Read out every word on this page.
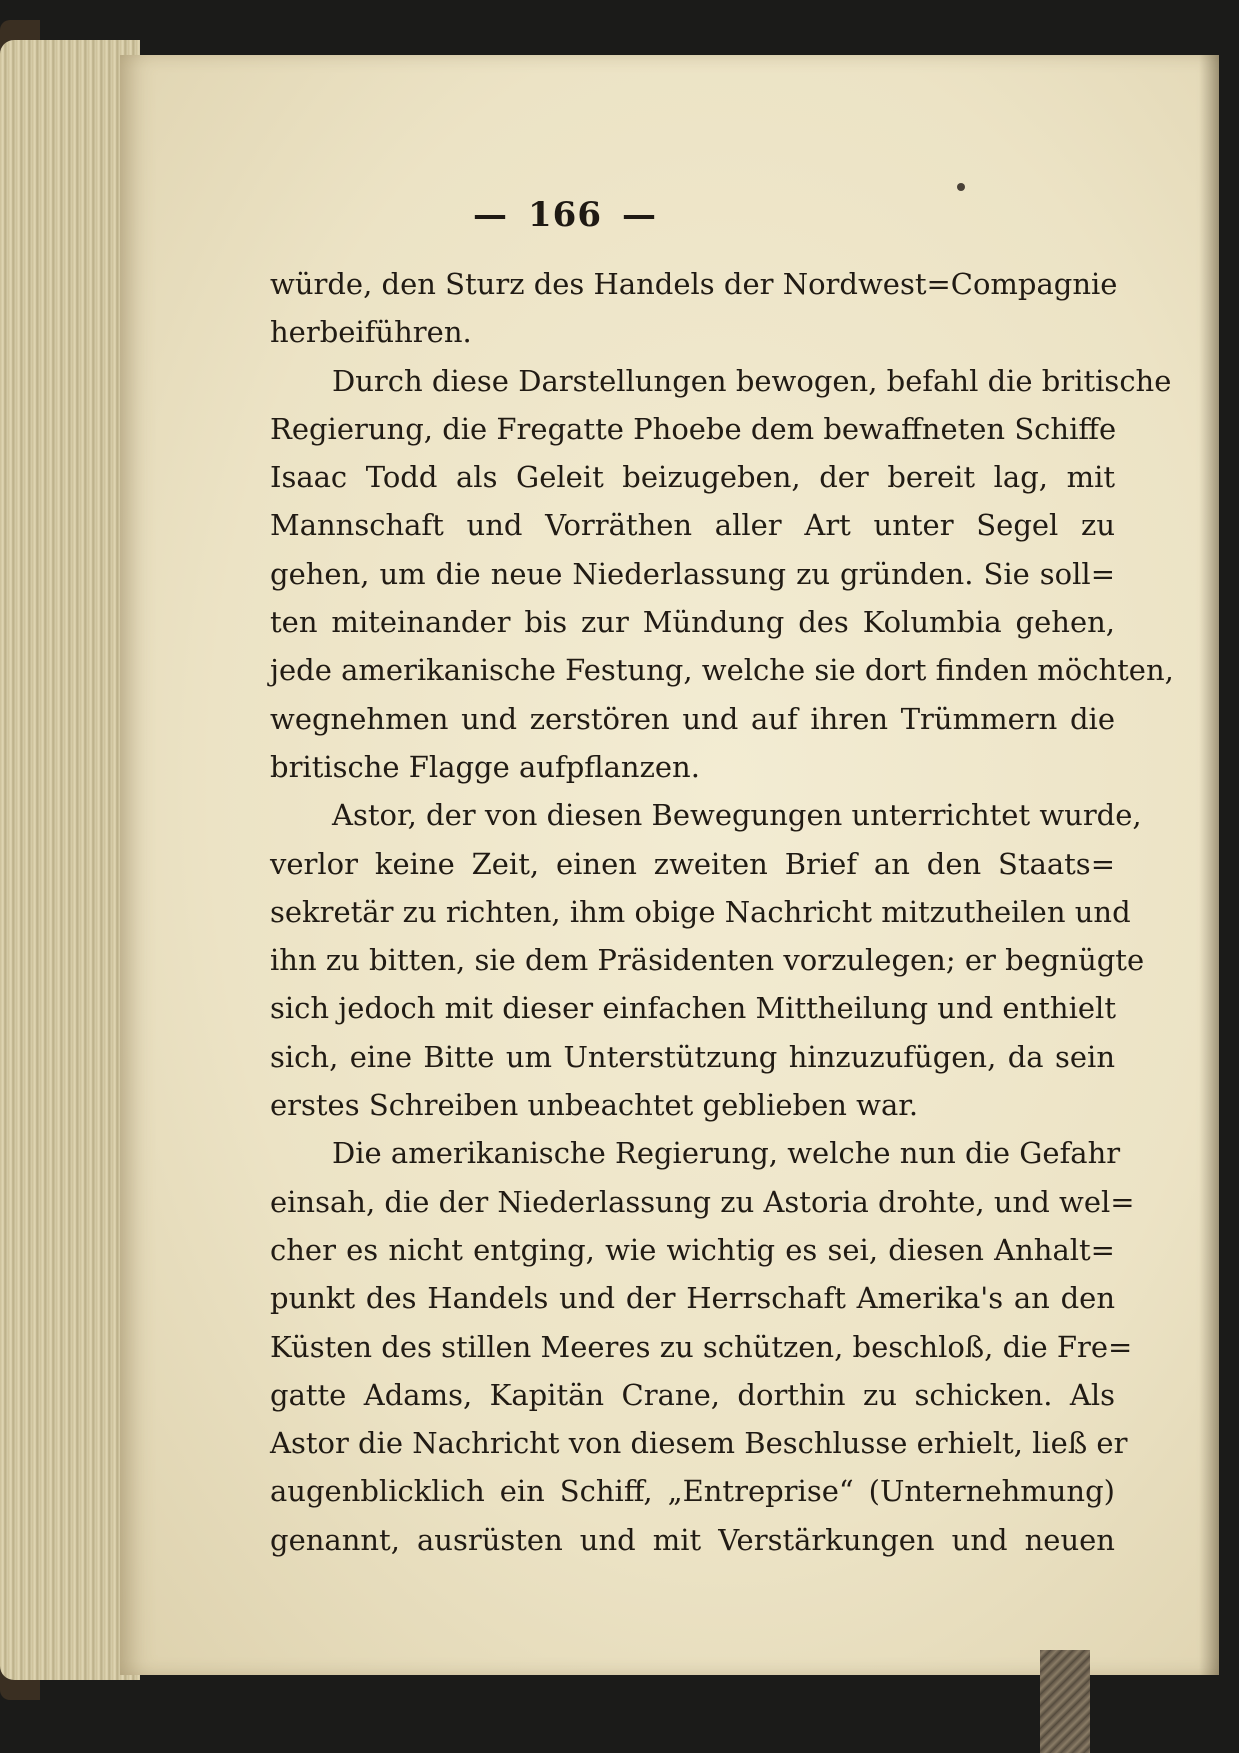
— 166 —
würde, den Sturz des Handels der Nordwest=Compagnie
herbeiführen.
Durch diese Darstellungen bewogen, befahl die britische
Regierung, die Fregatte Phoebe dem bewaffneten Schiffe
Isaac Todd als Geleit beizugeben, der bereit lag, mit
Mannschaft und Vorräthen aller Art unter Segel zu
gehen, um die neue Niederlassung zu gründen. Sie soll=
ten miteinander bis zur Mündung des Kolumbia gehen,
jede amerikanische Festung, welche sie dort finden möchten,
wegnehmen und zerstören und auf ihren Trümmern die
britische Flagge aufpflanzen.
Astor, der von diesen Bewegungen unterrichtet wurde,
verlor keine Zeit, einen zweiten Brief an den Staats=
sekretär zu richten, ihm obige Nachricht mitzutheilen und
ihn zu bitten, sie dem Präsidenten vorzulegen; er begnügte
sich jedoch mit dieser einfachen Mittheilung und enthielt
sich, eine Bitte um Unterstützung hinzuzufügen, da sein
erstes Schreiben unbeachtet geblieben war.
Die amerikanische Regierung, welche nun die Gefahr
einsah, die der Niederlassung zu Astoria drohte, und wel=
cher es nicht entging, wie wichtig es sei, diesen Anhalt=
punkt des Handels und der Herrschaft Amerika's an den
Küsten des stillen Meeres zu schützen, beschloß, die Fre=
gatte Adams, Kapitän Crane, dorthin zu schicken. Als
Astor die Nachricht von diesem Beschlusse erhielt, ließ er
augenblicklich ein Schiff, „Entreprise“ (Unternehmung)
genannt, ausrüsten und mit Verstärkungen und neuen
